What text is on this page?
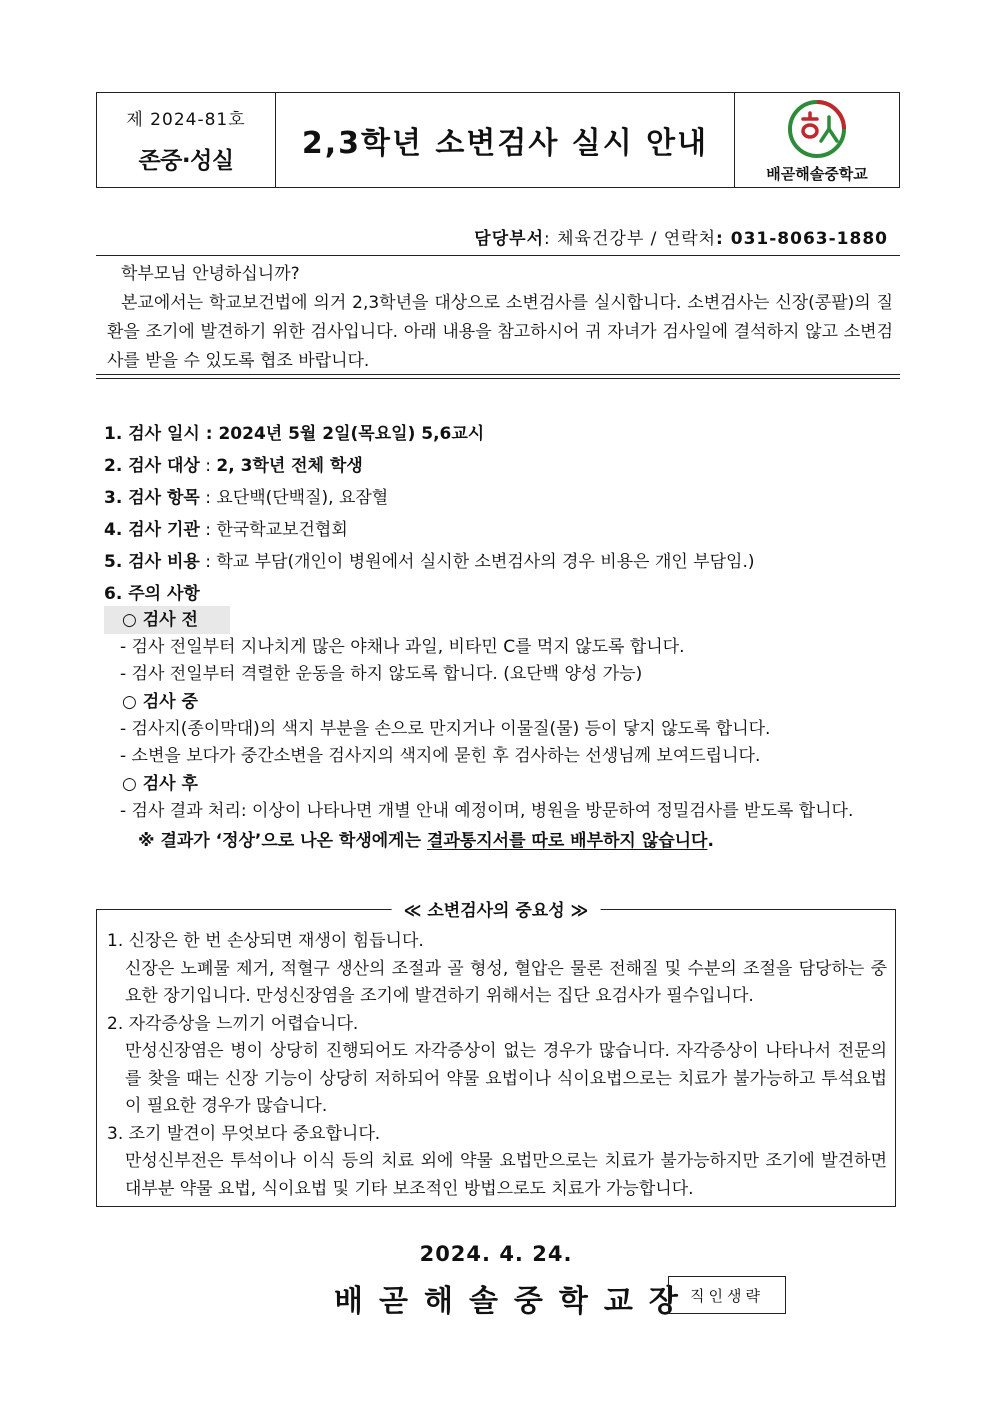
제 2024-81호
존중·성실 2,3학년 소변검사 실시 안내
배곧해솔중학교
담당부서: 체육건강부 / 연락처: 031-8063-1880

학부모님 안녕하십니까?

본교에서는 학교보건법에 의거 2,3학년을 대상으로 소변검사를 실시합니다. 소변검사는 신장(콩팥)의 질환을 조기에 발견하기 위한 검사입니다. 아래 내용을 참고하시어 귀 자녀가 검사일에 결석하지 않고 소변검사를 받을 수 있도록 협조 바랍니다.

1. 검사 일시 : 2024년 5월 2일(목요일) 5,6교시
2. 검사 대상 : 2, 3학년 전체 학생
3. 검사 항목 : 요단백(단백질), 요잠혈
4. 검사 기관 : 한국학교보건협회
5. 검사 비용 : 학교 부담(개인이 병원에서 실시한 소변검사의 경우 비용은 개인 부담임.)
6. 주의 사항
○ 검사 전
- 검사 전일부터 지나치게 많은 야채나 과일, 비타민 C를 먹지 않도록 합니다.
- 검사 전일부터 격렬한 운동을 하지 않도록 합니다. (요단백 양성 가능)
○ 검사 중
- 검사지(종이막대)의 색지 부분을 손으로 만지거나 이물질(물) 등이 닿지 않도록 합니다.
- 소변을 보다가 중간소변을 검사지의 색지에 묻힌 후 검사하는 선생님께 보여드립니다.
○ 검사 후
- 검사 결과 처리: 이상이 나타나면 개별 안내 예정이며, 병원을 방문하여 정밀검사를 받도록 합니다.
※ 결과가 ‘정상’으로 나온 학생에게는 결과통지서를 따로 배부하지 않습니다.
≪ 소변검사의 중요성 ≫

1. 신장은 한 번 손상되면 재생이 힘듭니다.

신장은 노폐물 제거, 적혈구 생산의 조절과 골 형성, 혈압은 물론 전해질 및 수분의 조절을 담당하는 중요한 장기입니다. 만성신장염을 조기에 발견하기 위해서는 집단 요검사가 필수입니다.

2. 자각증상을 느끼기 어렵습니다.

만성신장염은 병이 상당히 진행되어도 자각증상이 없는 경우가 많습니다. 자각증상이 나타나서 전문의를 찾을 때는 신장 기능이 상당히 저하되어 약물 요법이나 식이요법으로는 치료가 불가능하고 투석요법이 필요한 경우가 많습니다.

3. 조기 발견이 무엇보다 중요합니다.

만성신부전은 투석이나 이식 등의 치료 외에 약물 요법만으로는 치료가 불가능하지만 조기에 발견하면 대부분 약물 요법, 식이요법 및 기타 보조적인 방법으로도 치료가 가능합니다.

2024. 4. 24.
배곧해솔중학교장
직인생략
